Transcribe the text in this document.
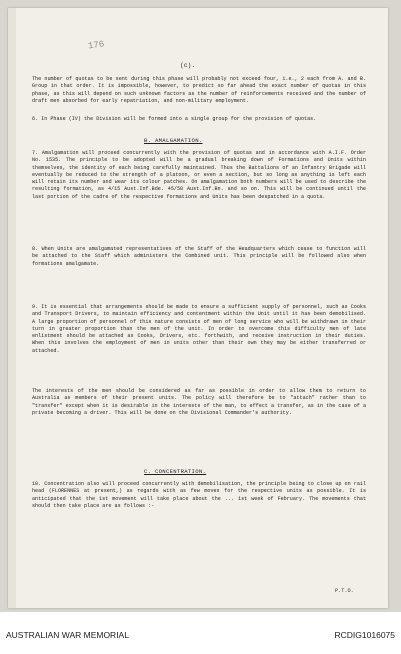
176
(c).
The number of quotas to be sent during this phase will probably not exceed four, i.e., 2 each from A. and B. Group in that order. It is impossible, however, to predict so far ahead the exact number of quotas in this phase, as this will depend on such unknown factors as the number of reinforcements received and the number of draft men absorbed for early repatriation, and non-military employment.
6. In Phase (IV) the Division will be formed into a single group for the provision of quotas.
B. AMALGAMATION.
7. Amalgamation will proceed concurrently with the provision of quotas and in accordance with A.I.F. Order No. 1535. The principle to be adopted will be a gradual breaking down of Formations and Units within themselves, the identity of each being carefully maintained. Thus the Battalions of an Infantry Brigade will eventually be reduced to the strength of a platoon, or even a section, but so long as anything is left each will retain its number and wear its colour patches. On amalgamation both numbers will be used to describe the resulting formation, as 4/15 Aust.Inf.Bde. 45/50 Aust.Inf.Bn. and so on. This will be continued until the last portion of the cadre of the respective formations and Units has been despatched in a quota.
8. When Units are amalgamated representatives of the Staff of the Headquarters which cease to function will be attached to the Staff which administers the Combined unit. This principle will be followed also when formations amalgamate.
9. It is essential that arrangements should be made to ensure a sufficient supply of personnel, such as Cooks and Transport Drivers, to maintain efficiency and contentment within the Unit until it has been demobilised. A large proportion of personnel of this nature consists of men of long service who will be withdrawn in their turn in greater proportion than the men of the unit. In order to overcome this difficulty men of late enlistment should be attached as Cooks, Drivers, etc. forthwith, and receive instruction in their duties. When this involves the employment of men in units other than their own they may be either transferred or attached.
The interests of the men should be considered as far as possible in order to allow them to return to Australia as members of their present units. The policy will therefore be to "attach" rather than to "transfer" except when it is desirable in the interests of the man, to effect a transfer, as in the case of a private becoming a driver. This will be done on the Divisional Commander's authority.
C. CONCENTRATION.
10. Concentration also will proceed concurrently with demobilisation, the principle being to close up on rail head (FLORENNES at present,) as regards with as few moves for the respective units as possible. It is anticipated that the 1st movement will take place about the ... 1st week of February. The movements that should then take place are as follows :-
P.T.O.
AUSTRALIAN WAR MEMORIAL	RCDIG1016075
